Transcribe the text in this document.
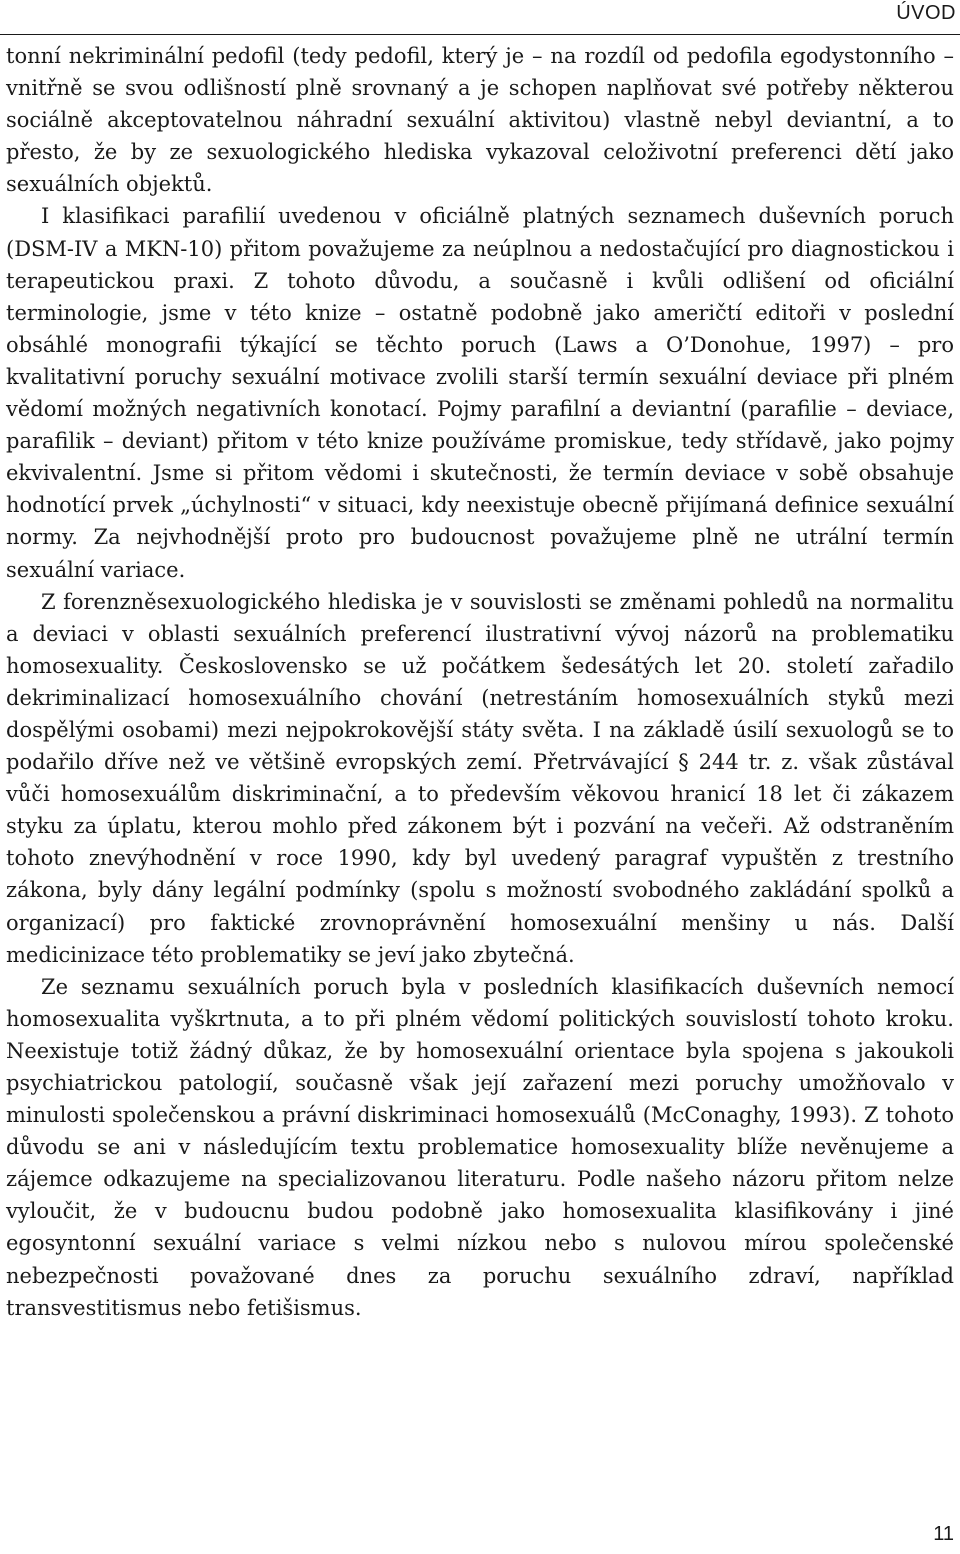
ÚVOD

tonní nekriminální pedofil (tedy pedofil, který je – na rozdíl od pedofila egodystonního – vnitřně se svou odlišností plně srovnaný a je schopen naplňovat své potřeby některou sociálně akceptovatelnou náhradní sexuální aktivitou) vlastně nebyl deviantní, a to přesto, že by ze sexuologického hlediska vykazoval celoživotní preferenci dětí jako sexuálních objektů.

I klasifikaci parafilií uvedenou v oficiálně platných seznamech duševních poruch (DSM-IV a MKN-10) přitom považujeme za neúplnou a nedostačující pro diagnostickou i terapeutickou praxi. Z tohoto důvodu, a současně i kvůli odlišení od oficiální terminologie, jsme v této knize – ostatně podobně jako američtí editoři v poslední obsáhlé monografii týkající se těchto poruch (Laws a O’Donohue, 1997) – pro kvalitativní poruchy sexuální motivace zvolili starší termín sexuální deviace při plném vědomí možných negativních konotací. Pojmy parafilní a deviantní (parafilie – deviace, parafilik – deviant) přitom v této knize používáme promiskue, tedy střídavě, jako pojmy ekvivalentní. Jsme si přitom vědomi i skutečnosti, že termín deviace v sobě obsahuje hodnotící prvek „úchylnosti“ v situaci, kdy neexistuje obecně přijímaná definice sexuální normy. Za nejvhodnější proto pro budoucnost považujeme plně ne utrální termín sexuální variace.

Z forenzněsexuologického hlediska je v souvislosti se změnami pohledů na normalitu a deviaci v oblasti sexuálních preferencí ilustrativní vývoj názorů na problematiku homosexuality. Československo se už počátkem šedesátých let 20. století zařadilo dekriminalizací homosexuálního chování (netrestáním homosexuálních styků mezi dospělými osobami) mezi nejpokrokovější státy světa. I na základě úsilí sexuologů se to podařilo dříve než ve většině evropských zemí. Přetrvávající § 244 tr. z. však zůstával vůči homosexuálům diskriminační, a to především věkovou hranicí 18 let či zákazem styku za úplatu, kterou mohlo před zákonem být i pozvání na večeři. Až odstraněním tohoto znevýhodnění v roce 1990, kdy byl uvedený paragraf vypuštěn z trestního zákona, byly dány legální podmínky (spolu s možností svobodného zakládání spolků a organizací) pro faktické zrovnoprávnění homosexuální menšiny u nás. Další medicinizace této problematiky se jeví jako zbytečná.

Ze seznamu sexuálních poruch byla v posledních klasifikacích duševních nemocí homosexualita vyškrtnuta, a to při plném vědomí politických souvislostí tohoto kroku. Neexistuje totiž žádný důkaz, že by homosexuální orientace byla spojena s jakoukoli psychiatrickou patologií, současně však její zařazení mezi poruchy umožňovalo v minulosti společenskou a právní diskriminaci homosexuálů (McConaghy, 1993). Z tohoto důvodu se ani v následujícím textu problematice homosexuality blíže nevěnujeme a zájemce odkazujeme na specializovanou literaturu. Podle našeho názoru přitom nelze vyloučit, že v budoucnu budou podobně jako homosexualita klasifikovány i jiné egosyntonní sexuální variace s velmi nízkou nebo s nulovou mírou společenské nebezpečnosti považované dnes za poruchu sexuálního zdraví, například transvestitismus nebo fetišismus.

11
